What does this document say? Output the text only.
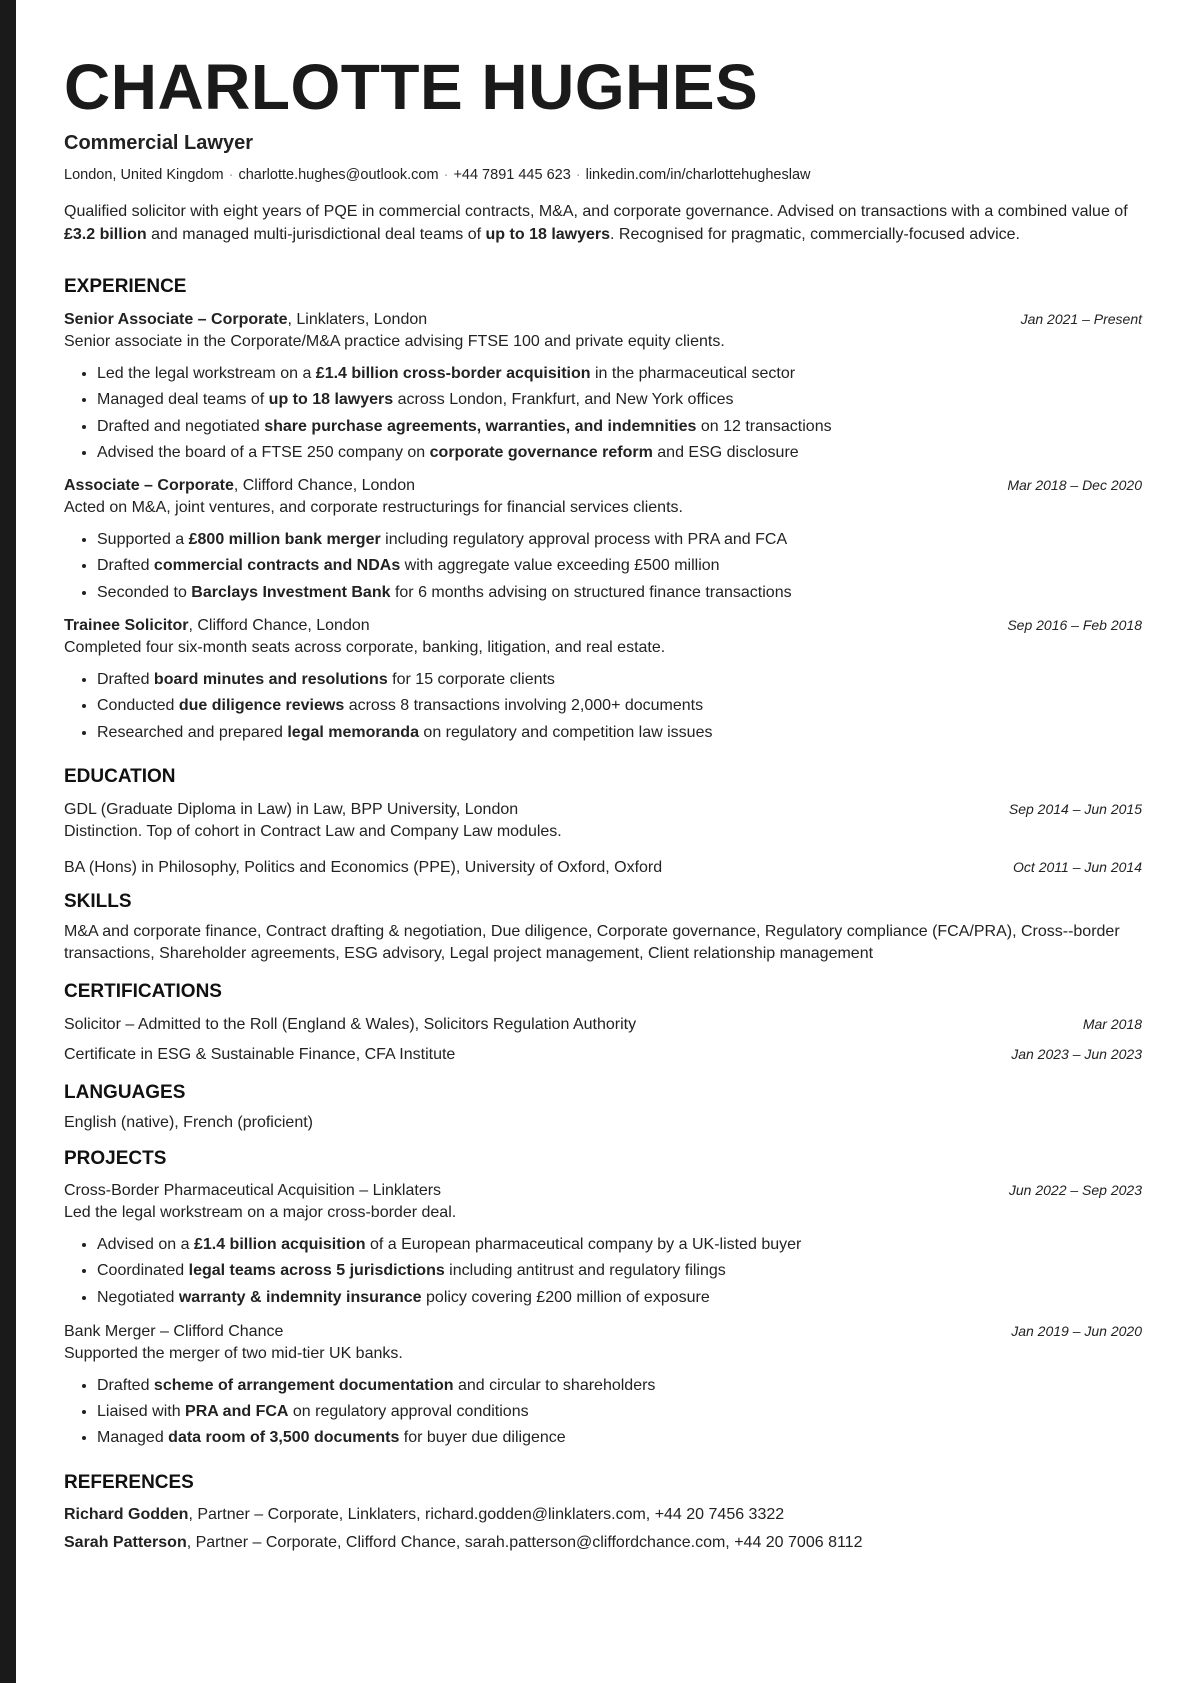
CHARLOTTE HUGHES
Commercial Lawyer
London, United Kingdom · charlotte.hughes@outlook.com · +44 7891 445 623 · linkedin.com/in/charlottehugheslaw
Qualified solicitor with eight years of PQE in commercial contracts, M&A, and corporate governance. Advised on transactions with a combined value of £3.2 billion and managed multi-jurisdictional deal teams of up to 18 lawyers. Recognised for pragmatic, commercially-focused advice.
EXPERIENCE
Senior Associate – Corporate, Linklaters, London	Jan 2021 – Present
Senior associate in the Corporate/M&A practice advising FTSE 100 and private equity clients.
• Led the legal workstream on a £1.4 billion cross-border acquisition in the pharmaceutical sector
• Managed deal teams of up to 18 lawyers across London, Frankfurt, and New York offices
• Drafted and negotiated share purchase agreements, warranties, and indemnities on 12 transactions
• Advised the board of a FTSE 250 company on corporate governance reform and ESG disclosure
Associate – Corporate, Clifford Chance, London	Mar 2018 – Dec 2020
Acted on M&A, joint ventures, and corporate restructurings for financial services clients.
• Supported a £800 million bank merger including regulatory approval process with PRA and FCA
• Drafted commercial contracts and NDAs with aggregate value exceeding £500 million
• Seconded to Barclays Investment Bank for 6 months advising on structured finance transactions
Trainee Solicitor, Clifford Chance, London	Sep 2016 – Feb 2018
Completed four six-month seats across corporate, banking, litigation, and real estate.
• Drafted board minutes and resolutions for 15 corporate clients
• Conducted due diligence reviews across 8 transactions involving 2,000+ documents
• Researched and prepared legal memoranda on regulatory and competition law issues
EDUCATION
GDL (Graduate Diploma in Law) in Law, BPP University, London	Sep 2014 – Jun 2015
Distinction. Top of cohort in Contract Law and Company Law modules.
BA (Hons) in Philosophy, Politics and Economics (PPE), University of Oxford, Oxford	Oct 2011 – Jun 2014
SKILLS
M&A and corporate finance, Contract drafting & negotiation, Due diligence, Corporate governance, Regulatory compliance (FCA/PRA), Cross--border transactions, Shareholder agreements, ESG advisory, Legal project management, Client relationship management
CERTIFICATIONS
Solicitor – Admitted to the Roll (England & Wales), Solicitors Regulation Authority	Mar 2018
Certificate in ESG & Sustainable Finance, CFA Institute	Jan 2023 – Jun 2023
LANGUAGES
English (native), French (proficient)
PROJECTS
Cross-Border Pharmaceutical Acquisition – Linklaters	Jun 2022 – Sep 2023
Led the legal workstream on a major cross-border deal.
• Advised on a £1.4 billion acquisition of a European pharmaceutical company by a UK-listed buyer
• Coordinated legal teams across 5 jurisdictions including antitrust and regulatory filings
• Negotiated warranty & indemnity insurance policy covering £200 million of exposure
Bank Merger – Clifford Chance	Jan 2019 – Jun 2020
Supported the merger of two mid-tier UK banks.
• Drafted scheme of arrangement documentation and circular to shareholders
• Liaised with PRA and FCA on regulatory approval conditions
• Managed data room of 3,500 documents for buyer due diligence
REFERENCES
Richard Godden, Partner – Corporate, Linklaters, richard.godden@linklaters.com, +44 20 7456 3322
Sarah Patterson, Partner – Corporate, Clifford Chance, sarah.patterson@cliffordchance.com, +44 20 7006 8112
